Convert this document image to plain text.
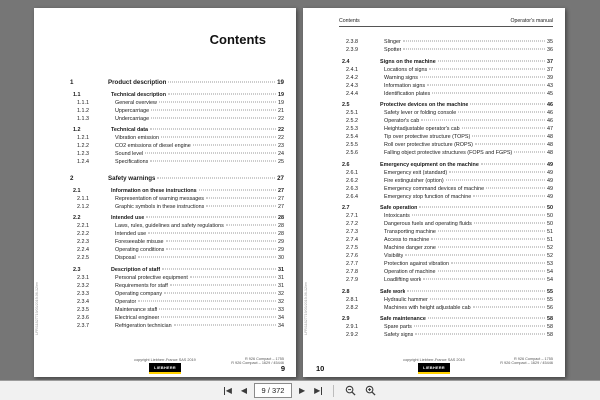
LFR/11827719/03/2019-06-12/en
Contents
1	Product description	19
1.1	Technical description	19
1.1.1	General overview	19
1.1.2	Uppercarriage	21
1.1.3	Undercarriage	22
1.2	Technical data	22
1.2.1	Vibration emission	22
1.2.2	CO2 emissions of diesel engine	23
1.2.3	Sound level	24
1.2.4	Specifications	25
2	Safety warnings	27
2.1	Information on these instructions	27
2.1.1	Representation of warning messages	27
2.1.2	Graphic symbols in these instructions	27
2.2	Intended use	28
2.2.1	Laws, rules, guidelines and safety regulations	28
2.2.2	Intended use	28
2.2.3	Foreseeable misuse	29
2.2.4	Operating conditions	29
2.2.5	Disposal	30
2.3	Description of staff	31
2.3.1	Personal protective equipment	31
2.3.2	Requirements for staff	31
2.3.3	Operating company	32
2.3.4	Operator	32
2.3.5	Maintenance staff	33
2.3.6	Electrical engineer	34
2.3.7	Refrigeration technician	34
copyright Liebherr-France SAS 2019	R 926 Compact – 1755
R 926 Compact – 1629 / 45446
LIEBHERR	9
LFR/11827719/03/2019-06-12/en
Contents	Operator's manual
2.3.8	Slinger	35
2.3.9	Spotter	36
2.4	Signs on the machine	37
2.4.1	Locations of signs	37
2.4.2	Warning signs	39
2.4.3	Information signs	43
2.4.4	Identification plates	45
2.5	Protective devices on the machine	46
2.5.1	Safety lever or folding console	46
2.5.2	Operator's cab	46
2.5.3	Heightadjustable operator's cab	47
2.5.4	Tip over protective structure (TOPS)	48
2.5.5	Roll over protective structure (ROPS)	48
2.5.6	Falling object protective structures (FOPS and FGPS)	48
2.6	Emergency equipment on the machine	49
2.6.1	Emergency exit (standard)	49
2.6.2	Fire extinguisher (option)	49
2.6.3	Emergency command devices of machine	49
2.6.4	Emergency stop function of machine	49
2.7	Safe operation	50
2.7.1	Intoxicants	50
2.7.2	Dangerous fuels and operating fluids	50
2.7.3	Transporting machine	51
2.7.4	Access to machine	51
2.7.5	Machine danger zone	52
2.7.6	Visibility	52
2.7.7	Protection against vibration	53
2.7.8	Operation of machine	54
2.7.9	Loadlifting work	54
2.8	Safe work	55
2.8.1	Hydraulic hammer	55
2.8.2	Machines with height adjustable cab	56
2.9	Safe maintenance	58
2.9.1	Spare parts	58
2.9.2	Safety signs	58
copyright Liebherr-France SAS 2019	R 926 Compact – 1755
R 926 Compact – 1629 / 45446
LIEBHERR
10
◀ ◀
9 / 372	▶ ▶
